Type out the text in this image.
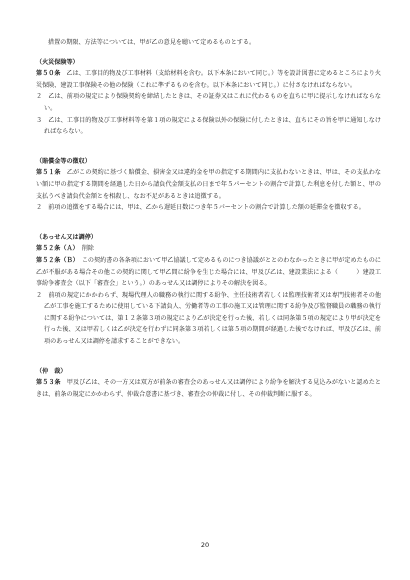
措置の期限、方法等については、甲が乙の意見を聴いて定めるものとする。

（火災保険等）

第５０条　 乙は、工事目的物及び工事材料（支給材料を含む。以下本条において同じ。）等を設計図書に定めるところにより火災保険、建設工事保険その他の保険（これに準ずるものを含む。以下本条において同じ。）に付さなければならない。

２　乙は、前項の規定により保険契約を締結したときは、その証券又はこれに代わるものを直ちに甲に提示しなければならない。

３　乙は、工事目的物及び工事材料等を第１項の規定による保険以外の保険に付したときは、直ちにその旨を甲に通知しなければならない。

（賠償金等の徴収）

第５１条　 乙がこの契約に基づく賠償金、損害金又は違約金を甲の指定する期間内に支払わないときは、甲は、その支払わない額に甲の指定する期間を経過した日から請負代金額支払の日まで年５パーセントの割合で計算した利息を付した額と、甲の支払うべき請負代金額とを相殺し、なお不足があるときは追徴する。

２　前項の追徴をする場合には、甲は、乙から遅延日数につき年５パーセントの割合で計算した額の延滞金を徴収する。

（あっせん又は調停）

第５２条（Ａ）　 削除

第５２条（Ｂ）　 この契約書の各条項において甲乙協議して定めるものにつき協議がととのわなかったときに甲が定めたものに乙が不服がある場合その他この契約に関して甲乙間に紛争を生じた場合には、甲及び乙は、建設業法による（　　　）建設工事紛争審査会（以下「審査会」という。）のあっせん又は調停によりその解決を図る。

２　前項の規定にかかわらず、現場代理人の職務の執行に関する紛争、主任技術者若しくは監理技術者又は専門技術者その他乙が工事を施工するために使用している下請負人、労働者等の工事の施工又は管理に関する紛争及び監督職員の職務の執行に関する紛争については、第１２条第３項の規定により乙が決定を行った後、若しくは同条第５項の規定により甲が決定を行った後、又は甲若しくは乙が決定を行わずに同条第３項若しくは第５項の期間が経過した後でなければ、甲及び乙は、前項のあっせん又は調停を請求することができない。

（仲　裁）

第５３条　 甲及び乙は、その一方又は双方が前条の審査会のあっせん又は調停により紛争を解決する見込みがないと認めたときは、前条の規定にかかわらず、仲裁合意書に基づき、審査会の仲裁に付し、その仲裁判断に服する。

20
